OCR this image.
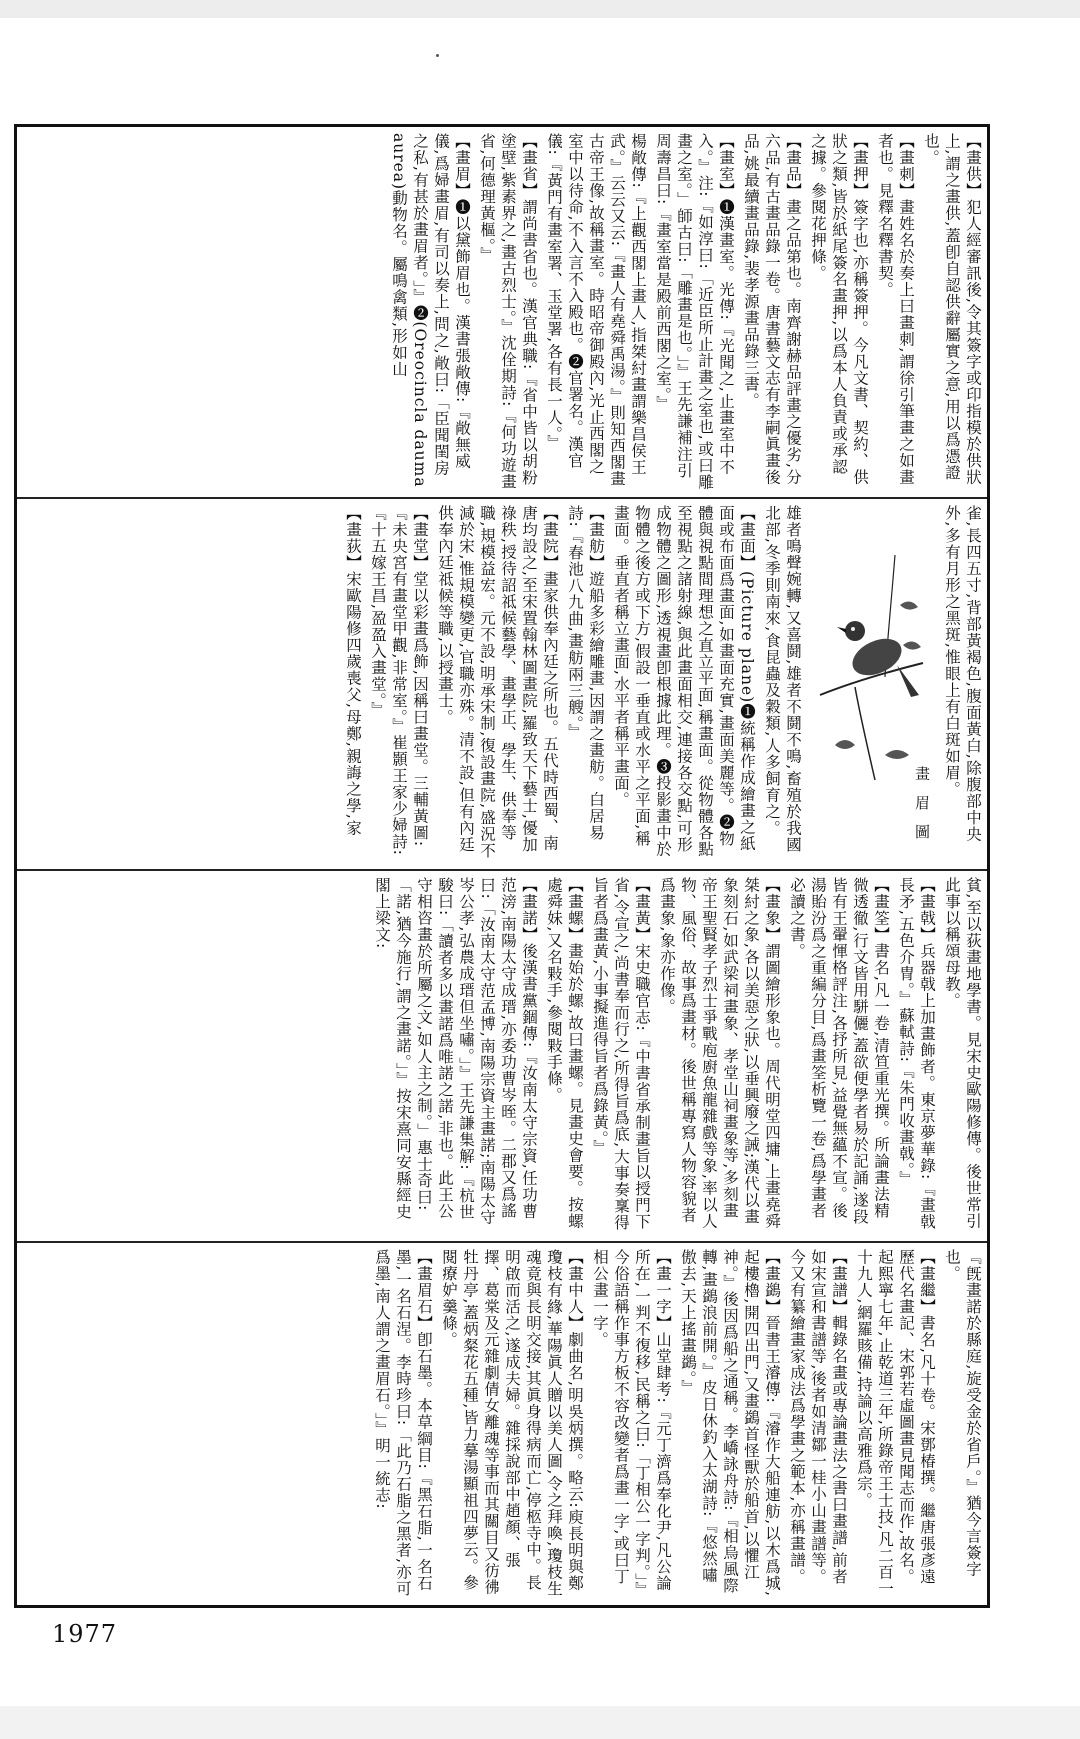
【畫供】犯人經審訊後,令其簽字或印指模於供狀上,謂之畫供,蓋卽自認供辭屬實之意,用以爲憑證也。
【畫刺】畫姓名於奏上曰畫刺,謂徐引筆畫之如畫者也。見釋名釋書契。
【畫押】簽字也,亦稱簽押。今凡文書、契約、供狀之類,皆於紙尾簽名畫押,以爲本人負責或承認之據。參閱花押條。
【畫品】畫之品第也。南齊謝赫品評畫之優劣,分六品,有古畫品錄一卷。唐書藝文志有李嗣眞畫後品,姚最續畫品錄,裴孝源畫品錄三書。
【畫室】❶漢畫室。光傳:『光聞之,止畫室中不入。』注:『如淳曰:「近臣所止計畫之室也,或曰雕畫之室。」師古曰:「雕畫是也。」』王先謙補注引周壽昌曰:『畫室當是殿前西閣之室。』
楊敞傳:『上觀西閣上畫人,指桀紂畫謂樂昌侯王武。』云云又云:『畫人有堯舜禹湯。』則知西閣畫古帝王像,故稱畫室。時昭帝御殿內,光止西閣之室中以待命,不入言不入殿也。❷官署名。漢官儀:『黃門有畫室署、玉堂署,各有長一人。』
【畫省】謂尚書省也。漢官典職:『省中皆以胡粉塗壁,紫素界之,畫古烈士。』沈佺期詩:『何功遊畫省,何德理黃樞。』
【畫眉】❶以黛飾眉也。漢書張敞傳:『敞無威儀,爲婦畫眉,有司以奏上,問之,敞曰:「臣聞閨房之私,有甚於畫眉者。」』❷(Oreocincla dauma aurea)動物名。屬鳴禽類,形如山
雀,長四五寸,背部黃褐色,腹面黃白,除腹部中央外,多有月形之黑斑,惟眼上有白斑如眉。
畫眉圖
雄者鳴聲婉轉,又喜鬪,雄者不鬪不鳴,畜殖於我國北部,冬季則南來,食昆蟲及穀類,人多飼育之。
【畫面】(Picture plane)❶統稱作成繪畫之紙面或布面爲畫面,如畫面充實,畫面美麗等。❷物體與視點間理想之直立平面,稱畫面。從物體各點至視點之諸射線,與此畫面相交,連接各交點,可形成物體之圖形,透視畫卽根據此理。❸投影畫中於物體之後方或下方,假設一垂直或水平之平面,稱畫面。垂直者稱立畫面,水平者稱平畫面。
【畫舫】遊船多彩繪雕畫,因謂之畫舫。白居易詩:『春池八九曲,畫舫兩三艘。』
【畫院】畫家供奉內廷之所也。五代時西蜀、南唐均設之,至宋置翰林圖畫院,羅致天下藝士,優加祿秩,授待詔祗候藝學、畫學正、學生、供奉等職,規模益宏。元不設,明承宋制,復設畫院,盛況不減於宋,惟規模變更,官職亦殊。清不設,但有內廷供奉內廷祗候等職,以授畫士。
【畫堂】堂以彩畫爲飾,因稱曰畫堂。三輔黃圖:『未央宮有畫堂甲觀,非常室。』崔顥王家少婦詩:『十五嫁王昌,盈盈入畫堂。』
【畫荻】宋歐陽修四歲喪父,母鄭,親誨之學,家
貧,至以荻畫地學書。見宋史歐陽修傳。後世常引此事以稱頌母教。
【畫戟】兵器戟上加畫飾者。東京夢華錄:『畫戟長矛,五色介冑。』蘇軾詩:『朱門收畫戟。』
【畫筌】書名,凡一卷,清笪重光撰。所論畫法精微透徹,行文皆用駢儷,蓋欲便學者易於記誦,遂段皆有王翬惲格評注,各抒所見,益覺無蘊不宣。後湯貽汾爲之重編分目,爲畫筌析覽一卷,爲學畫者必讀之書。
【畫象】謂圖繪形象也。周代明堂四墉,上畫堯舜桀紂之象,各以美惡之狀,以垂興廢之誡;漢代以畫象刻石,如武梁祠畫象、孝堂山祠畫象等,多刻畫帝王聖賢孝子烈士爭戰庖廚魚龍雜戲等象,率以人物、風俗、故事爲畫材。後世稱專寫人物容貌者爲畫象,象亦作像。
【畫黃】宋史職官志:『中書省承制畫旨以授門下省,令宣之,尚書奉而行之,所得旨爲底,大事奏稟得旨者爲畫黃,小事擬進得旨者爲錄黃。』
【畫螺】畫始於螺,故曰畫螺。見畫史會要。按螺處舜妹,又名敤手,參閱敤手條。
【畫諾】後漢書黨錮傳:『汝南太守宗資,任功曹范滂,南陽太守成瑨,亦委功曹岑晊。二郡又爲謠曰:「汝南太守范孟博,南陽宗資主畫諾;南陽太守岑公孝,弘農成瑨但坐嘯。」』王先謙集解:『杭世駿曰:「讀者多以畫諾爲唯諾之諾,非也。此王公守相咨畫於所屬之文,如人主之制。」惠士奇曰:「諾,猶今施行,謂之畫諾。」』按宋熹同安縣經史閣上梁文:
『旣畫諾於縣庭,旋受金於省戶。』猶今言簽字也。
【畫繼】書名,凡十卷。宋鄧椿撰。繼唐張彥遠歷代名畫記、宋郭若虛圖畫見聞志而作,故名。起熙寧七年,止乾道三年,所錄帝王士技,凡二百一十九人,網羅賅備,持論以高雅爲宗。
【畫譜】輯錄名畫或專論畫法之書曰畫譜,前者如宋宣和書譜等,後者如清鄒一桂小山畫譜等。今又有纂繪畫家成法爲學畫之範本,亦稱畫譜。
【畫鷁】晉書王濬傳:『濬作大船連舫,以木爲城,起樓櫓,開四出門,又畫鷁首怪獸於船首,以懼江神。』後因爲船之通稱。李嶠詠舟詩:『相烏風際轉,畫鷁浪前開。』皮日休釣入太湖詩:『悠然嘯傲去,天上搖畫鷁。』
【畫一字】山堂肆考:『元丁濟爲奉化尹,凡公論所在,一判不復移,民稱之曰:「丁相公一字判。」』今俗語稱作事方板不容改變者爲畫一字,或曰丁相公畫一字。
【畫中人】劇曲名,明吳炳撰。略云:庾長明與鄭瓊枝有緣,華陽眞人贈以美人圖,令之拜喚,瓊枝生魂竟與長明交接,其眞身得病而亡,停柩寺中。長明啟而活之,遂成夫婦。雜採說部中趙顏、張擇、葛棠及元雜劇倩女離魂等事而其關目又彷彿牡丹亭,蓋炳粲花五種,皆力摹湯顯祖四夢云。參閱療妒羹條。
【畫眉石】卽石墨。本草綱目:『黑石脂,一名石墨,一名石涅。李時珍曰:「此乃石脂之黑者,亦可爲墨,南人謂之畫眉石。」』明一統志:
1977
